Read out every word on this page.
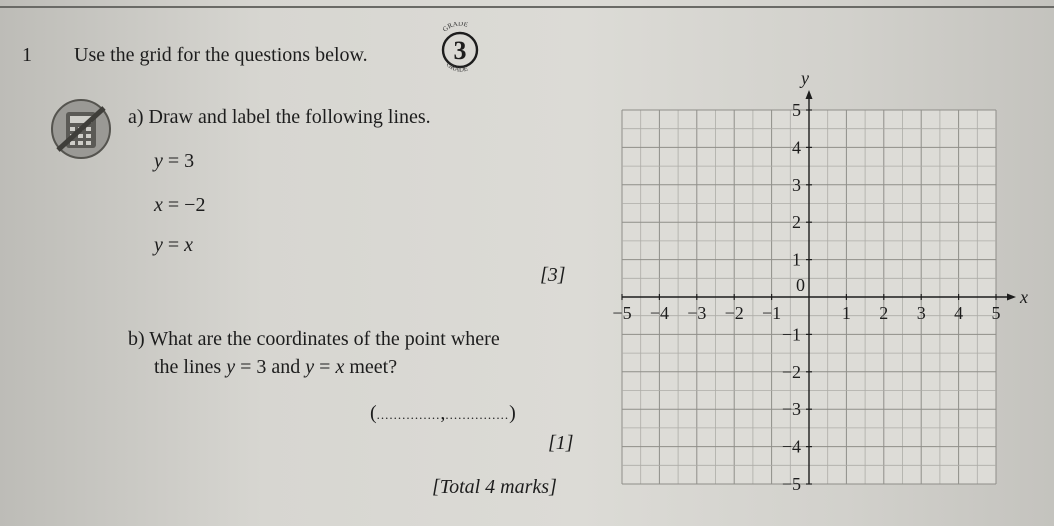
1 Use the grid for the questions below.
GRADE
GRADE
3
a) Draw and label the following lines.
y = 3
x = −2
y = x
[3]
b) What are the coordinates of the point where
the lines y = 3 and y = x meet?
(...............,...............)
[1]
[Total 4 marks]
−5 −4 −3 −2 −1	1 2 3 4 5
5
4
3
2
1
−1
−2
−3
−4
−5
0
x
y
